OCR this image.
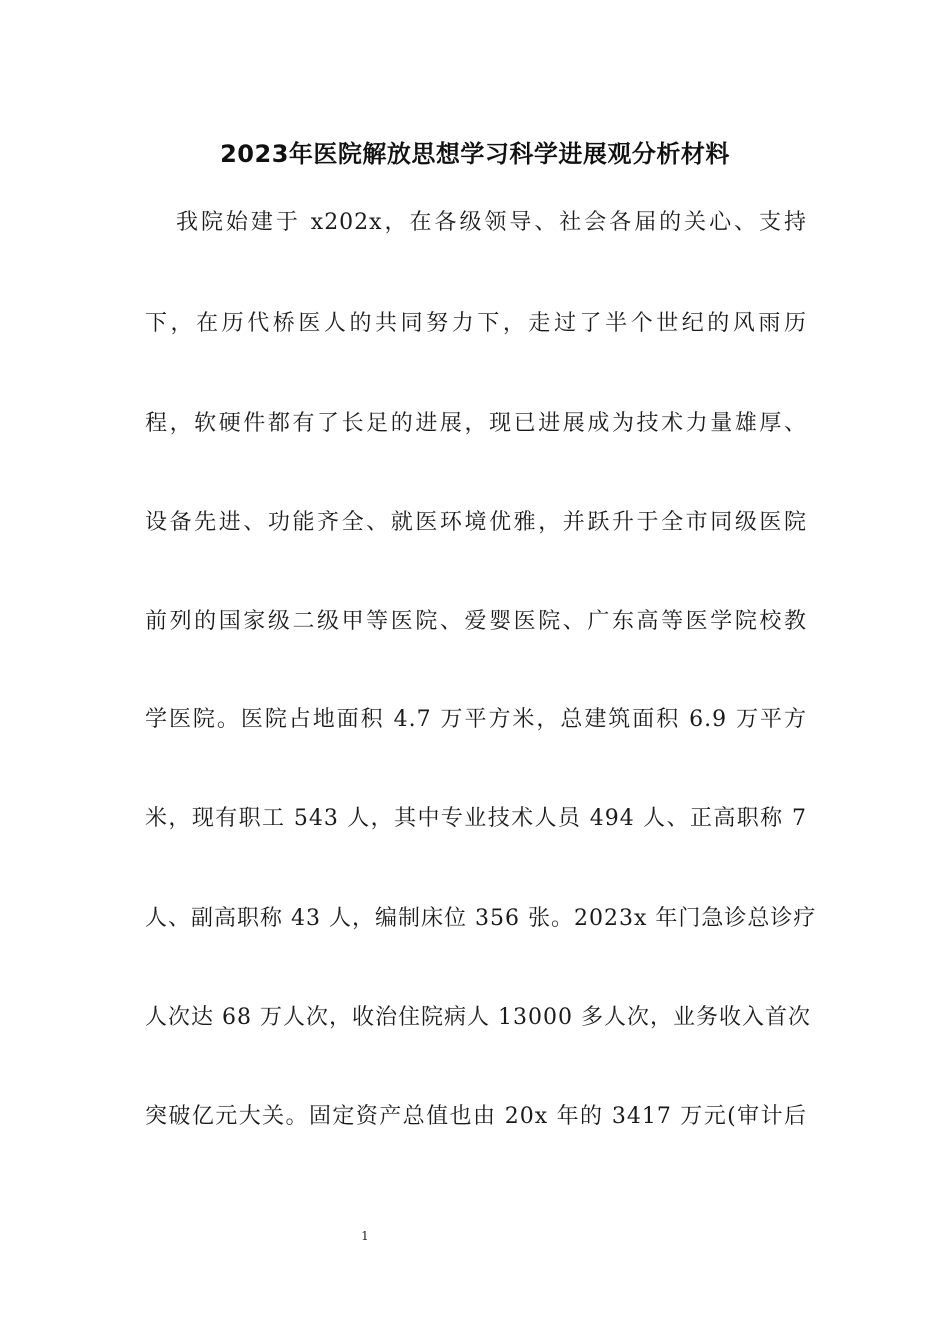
2023年医院解放思想学习科学进展观分析材料
我院始建于 x202x，在各级领导、社会各届的关心、支持
下，在历代桥医人的共同努力下，走过了半个世纪的风雨历
程，软硬件都有了长足的进展，现已进展成为技术力量雄厚、
设备先进、功能齐全、就医环境优雅，并跃升于全市同级医院
前列的国家级二级甲等医院、爱婴医院、广东高等医学院校教
学医院。医院占地面积 4.7 万平方米，总建筑面积 6.9 万平方
米，现有职工 543 人，其中专业技术人员 494 人、正高职称 7
人、副高职称 43 人，编制床位 356 张。2023x 年门急诊总诊疗
人次达 68 万人次，收治住院病人 13000 多人次，业务收入首次
突破亿元大关。固定资产总值也由 20x 年的 3417 万元(审计后
1
